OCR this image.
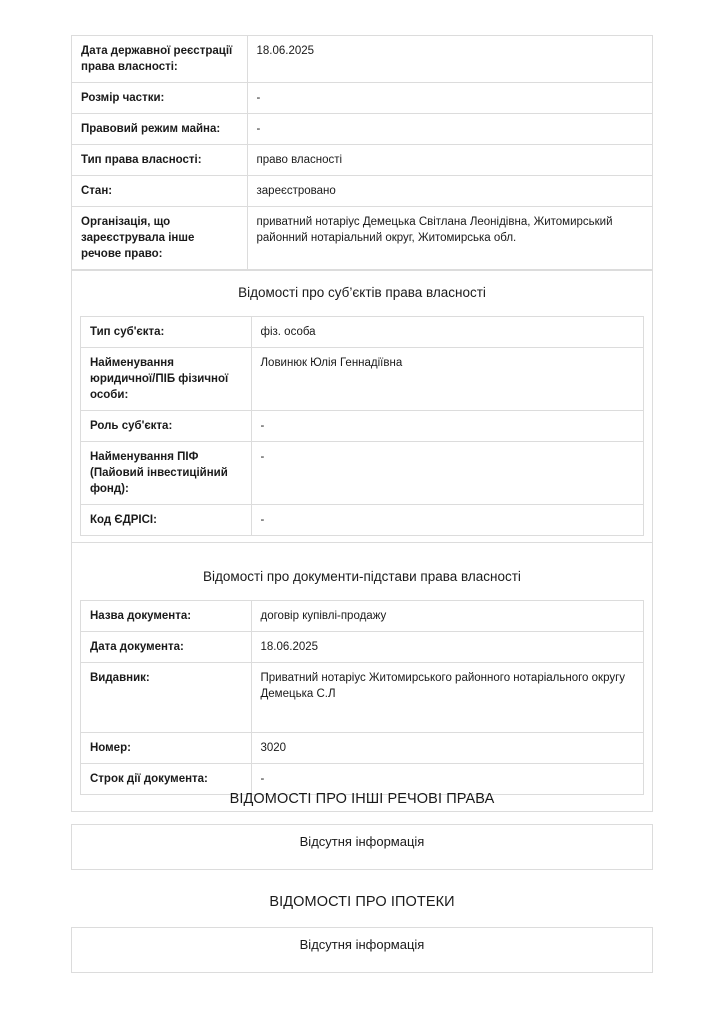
Дата державної реєстрації права власності:	18.06.2025
Розмір частки:	-
Правовий режим майна:	-
Тип права власності:	право власності
Стан:	зареєстровано
Організація, що зареєструвала інше речове право:	приватний нотаріус Демецька Світлана Леонідівна, Житомирський районний нотаріальний округ, Житомирська обл.
Відомості про суб’єктів права власності
Тип суб'єкта:	фіз. особа
Найменування юридичної/ПІБ фізичної особи:	Ловинюк Юлія Геннадіївна
Роль суб'єкта:	-
Найменування ПІФ (Пайовий інвестиційний фонд):	-
Код ЄДРІСІ:	-
Відомості про документи-підстави права власності
Назва документа:	договір купівлі-продажу
Дата документа:	18.06.2025
Видавник:	Приватний нотаріус Житомирського районного нотаріального округу Демецька С.Л
Номер:	3020
Строк дії документа:	-
ВІДОМОСТІ ПРО ІНШІ РЕЧОВІ ПРАВА
Відсутня інформація
ВІДОМОСТІ ПРО ІПОТЕКИ
Відсутня інформація
